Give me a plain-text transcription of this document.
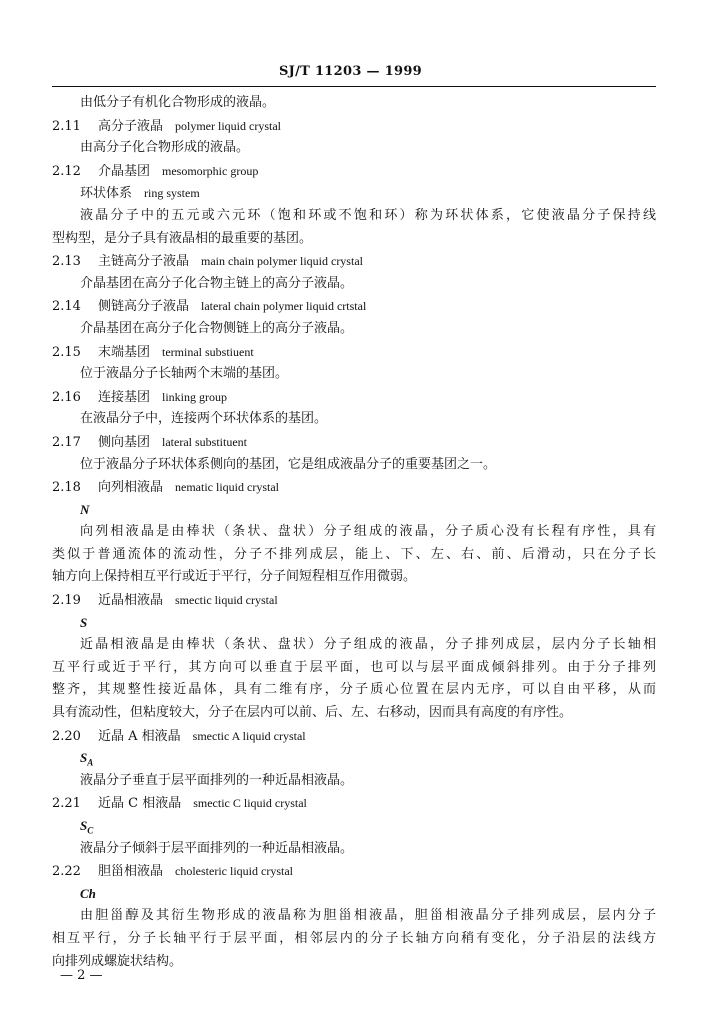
SJ/T 11203 — 1999
由低分子有机化合物形成的液晶。
2.11 高分子液晶 polymer liquid crystal
由高分子化合物形成的液晶。
2.12 介晶基团 mesomorphic group
环状体系 ring system
液晶分子中的五元或六元环（饱和环或不饱和环）称为环状体系，它使液晶分子保持线
型构型，是分子具有液晶相的最重要的基团。
2.13 主链高分子液晶 main chain polymer liquid crystal
介晶基团在高分子化合物主链上的高分子液晶。
2.14 侧链高分子液晶 lateral chain polymer liquid crtstal
介晶基团在高分子化合物侧链上的高分子液晶。
2.15 末端基团 terminal substiuent
位于液晶分子长轴两个末端的基团。
2.16 连接基团 linking group
在液晶分子中，连接两个环状体系的基团。
2.17 侧向基团 lateral substituent
位于液晶分子环状体系侧向的基团，它是组成液晶分子的重要基团之一。
2.18 向列相液晶 nematic liquid crystal
N
向列相液晶是由棒状（条状、盘状）分子组成的液晶，分子质心没有长程有序性，具有
类似于普通流体的流动性，分子不排列成层，能上、下、左、右、前、后滑动，只在分子长
轴方向上保持相互平行或近于平行，分子间短程相互作用微弱。
2.19 近晶相液晶 smectic liquid crystal
S
近晶相液晶是由棒状（条状、盘状）分子组成的液晶，分子排列成层，层内分子长轴相
互平行或近于平行，其方向可以垂直于层平面，也可以与层平面成倾斜排列。由于分子排列
整齐，其规整性接近晶体，具有二维有序，分子质心位置在层内无序，可以自由平移，从而
具有流动性，但粘度较大，分子在层内可以前、后、左、右移动，因而具有高度的有序性。
2.20 近晶 A 相液晶 smectic A liquid crystal
$S_A$
液晶分子垂直于层平面排列的一种近晶相液晶。
2.21 近晶 C 相液晶 smectic C liquid crystal
$S_C$
液晶分子倾斜于层平面排列的一种近晶相液晶。
2.22 胆甾相液晶 cholesteric liquid crystal
Ch
由胆甾醇及其衍生物形成的液晶称为胆甾相液晶，胆甾相液晶分子排列成层，层内分子
相互平行，分子长轴平行于层平面，相邻层内的分子长轴方向稍有变化，分子沿层的法线方
向排列成螺旋状结构。
— 2 —
